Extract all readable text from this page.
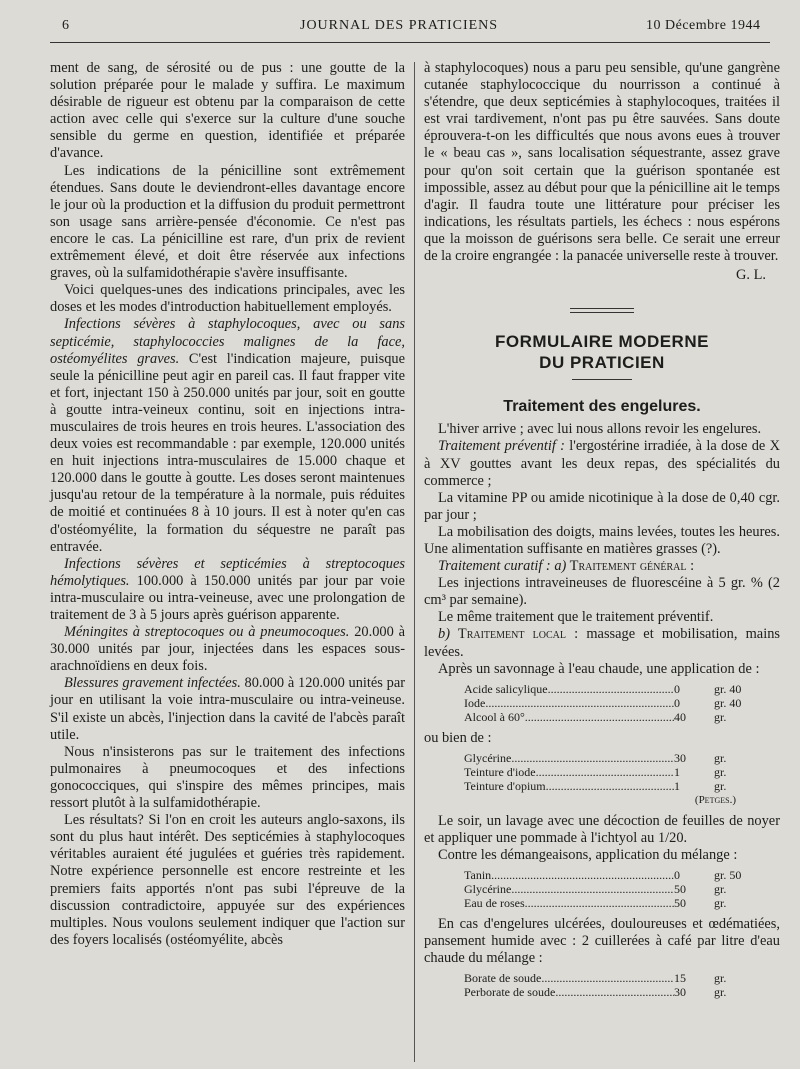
6	JOURNAL DES PRATICIENS	10 Décembre 1944

ment de sang, de sérosité ou de pus : une goutte de la solution préparée pour le malade y suffira. Le maximum désirable de rigueur est obtenu par la comparaison de cette action avec celle qui s'exerce sur la culture d'une souche sensible du germe en question, identifiée et préparée d'avance.

Les indications de la pénicilline sont extrêmement étendues. Sans doute le deviendront-elles davantage encore le jour où la production et la diffusion du produit permettront son usage sans arrière-pensée d'économie. Ce n'est pas encore le cas. La pénicilline est rare, d'un prix de revient extrêmement élevé, et doit être réservée aux infections graves, où la sulfamidothérapie s'avère insuffisante.

Voici quelques-unes des indications principales, avec les doses et les modes d'introduction habituellement employés.

Infections sévères à staphylocoques, avec ou sans septicémie, staphylococcies malignes de la face, ostéomyélites graves. C'est l'indication majeure, puisque seule la pénicilline peut agir en pareil cas. Il faut frapper vite et fort, injectant 150 à 250.000 unités par jour, soit en goutte à goutte intra-veineux continu, soit en injections intra-musculaires de trois heures en trois heures. L'association des deux voies est recommandable : par exemple, 120.000 unités en huit injections intra-musculaires de 15.000 chaque et 120.000 dans le goutte à goutte. Les doses seront maintenues jusqu'au retour de la température à la normale, puis réduites de moitié et continuées 8 à 10 jours. Il est à noter qu'en cas d'ostéomyélite, la formation du séquestre ne paraît pas entravée.

Infections sévères et septicémies à streptocoques hémolytiques. 100.000 à 150.000 unités par jour par voie intra-musculaire ou intra-veineuse, avec une prolongation de traitement de 3 à 5 jours après guérison apparente.

Méningites à streptocoques ou à pneumocoques. 20.000 à 30.000 unités par jour, injectées dans les espaces sous-arachnoïdiens en deux fois.

Blessures gravement infectées. 80.000 à 120.000 unités par jour en utilisant la voie intra-musculaire ou intra-veineuse. S'il existe un abcès, l'injection dans la cavité de l'abcès paraît utile.

Nous n'insisterons pas sur le traitement des infections pulmonaires à pneumocoques et des infections gonococciques, qui s'inspire des mêmes principes, mais ressort plutôt à la sulfamidothérapie.

Les résultats? Si l'on en croit les auteurs anglo-saxons, ils sont du plus haut intérêt. Des septicémies à staphylocoques véritables auraient été jugulées et guéries très rapidement. Notre expérience personnelle est encore restreinte et les premiers faits apportés n'ont pas subi l'épreuve de la discussion contradictoire, appuyée sur des expériences multiples. Nous voulons seulement indiquer que l'action sur des foyers localisés (ostéomyélite, abcès

à staphylocoques) nous a paru peu sensible, qu'une gangrène cutanée staphylococcique du nourrisson a continué à s'étendre, que deux septicémies à staphylocoques, traitées il est vrai tardivement, n'ont pas pu être sauvées. Sans doute éprouvera-t-on les difficultés que nous avons eues à trouver le « beau cas », sans localisation séquestrante, assez grave pour qu'on soit certain que la guérison spontanée est impossible, assez au début pour que la pénicilline ait le temps d'agir. Il faudra toute une littérature pour préciser les indications, les résultats partiels, les échecs : nous espérons que la moisson de guérisons sera belle. Ce serait une erreur de la croire engrangée : la panacée universelle reste à trouver.

G. L.

FORMULAIRE MODERNE
DU PRATICIEN

Traitement des engelures.

L'hiver arrive ; avec lui nous allons revoir les engelures.

Traitement préventif : l'ergostérine irradiée, à la dose de X à XV gouttes avant les deux repas, des spécialités du commerce ;

La vitamine PP ou amide nicotinique à la dose de 0,40 cgr. par jour ;

La mobilisation des doigts, mains levées, toutes les heures. Une alimentation suffisante en matières grasses (?).

Traitement curatif : a) Traitement général :

Les injections intraveineuses de fluorescéine à 5 gr. % (2 cm³ par semaine).

Le même traitement que le traitement préventif.

b) Traitement local : massage et mobilisation, mains levées.

Après un savonnage à l'eau chaude, une application de :

Acide salicylique .....	0	gr. 40
Iode .....	0	gr. 40
Alcool à 60° .....	40	gr.

ou bien de :

Glycérine .....	30	gr.
Teinture d'iode .....	1	gr.
Teinture d'opium .....	1	gr.
(Petges.)

Le soir, un lavage avec une décoction de feuilles de noyer et appliquer une pommade à l'ichtyol au 1/20.

Contre les démangeaisons, application du mélange :

Tanin .....	0	gr. 50
Glycérine .....	50	gr.
Eau de roses .....	50	gr.

En cas d'engelures ulcérées, douloureuses et œdématiées, pansement humide avec : 2 cuillerées à café par litre d'eau chaude du mélange :

Borate de soude .....	15	gr.
Perborate de soude .....	30	gr.
